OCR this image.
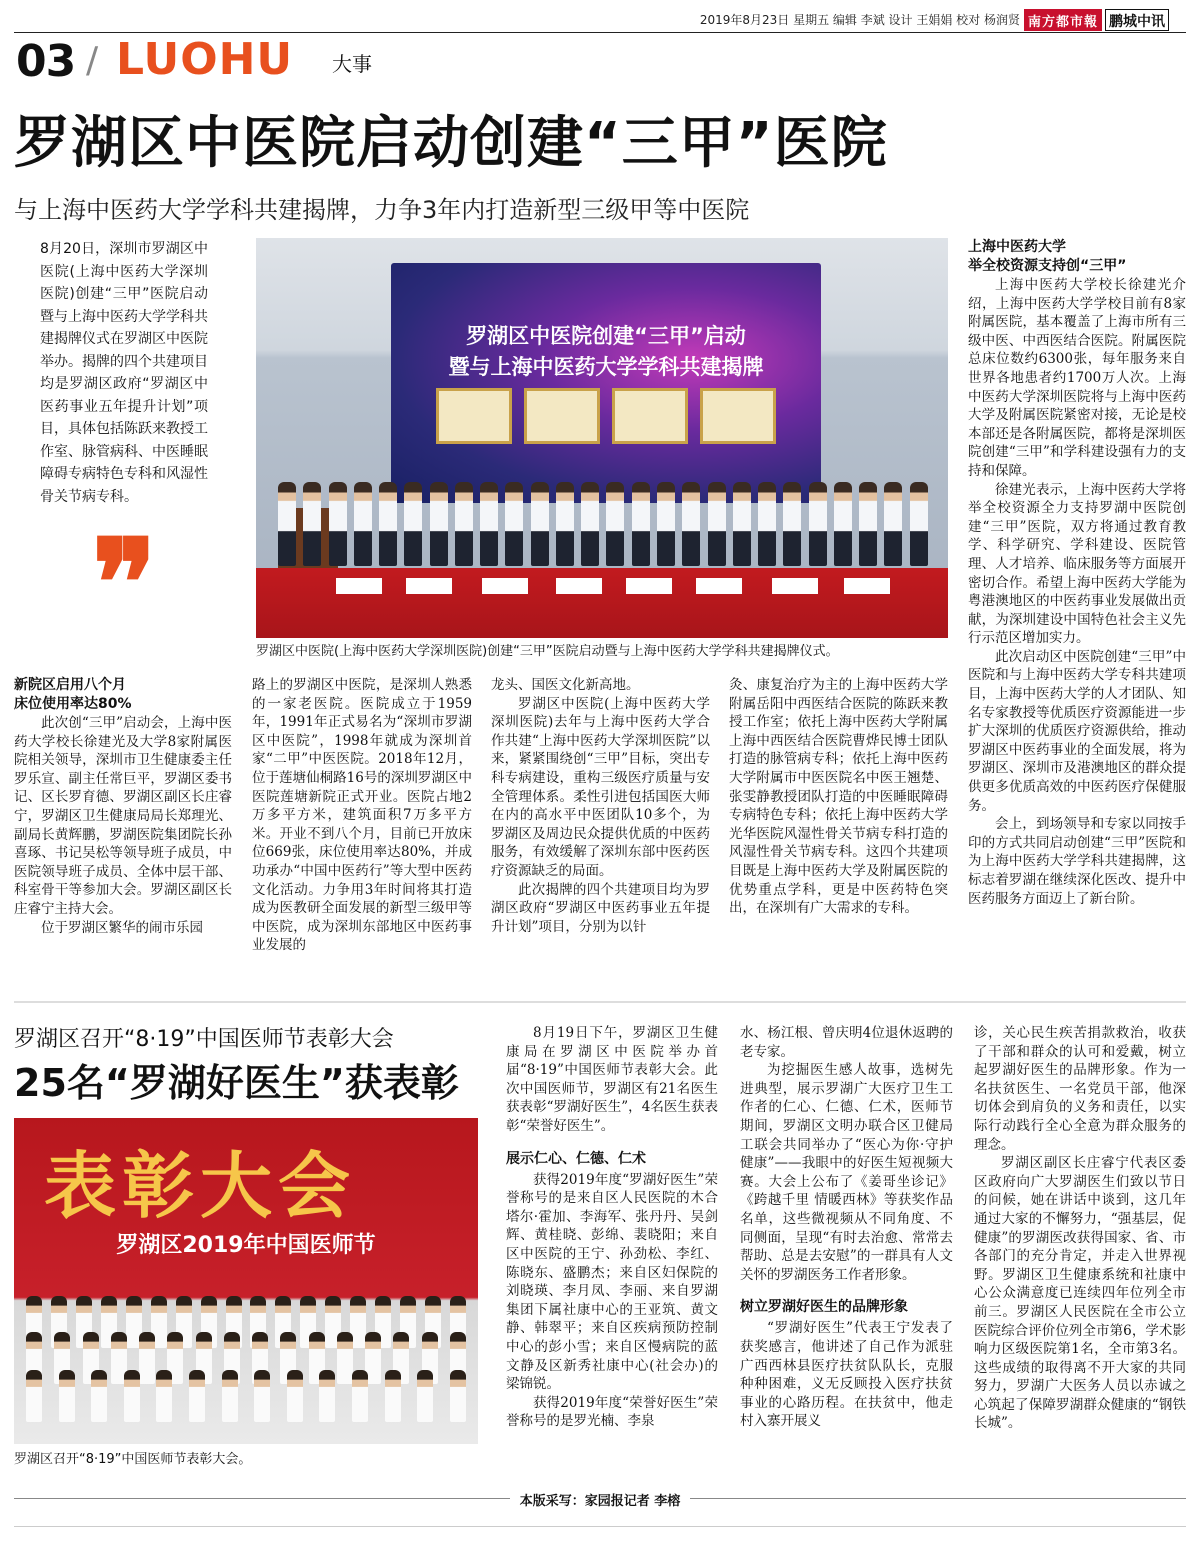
2019年8月23日 星期五 编辑 李斌 设计 王娟娟 校对 杨润贤 南方都市報 鹏城中讯
03 / LUOHU 大事
罗湖区中医院启动创建“三甲”医院
与上海中医药大学学科共建揭牌，力争3年内打造新型三级甲等中医院
8月20日，深圳市罗湖区中医院(上海中医药大学深圳医院)创建“三甲”医院启动暨与上海中医药大学学科共建揭牌仪式在罗湖区中医院举办。揭牌的四个共建项目均是罗湖区政府“罗湖区中医药事业五年提升计划”项目，具体包括陈跃来教授工作室、脉管病科、中医睡眠障碍专病特色专科和风湿性骨关节病专科。
❞
罗湖区中医院创建“三甲”启动
暨与上海中医药大学学科共建揭牌
罗湖区中医院(上海中医药大学深圳医院)创建“三甲”医院启动暨与上海中医药大学学科共建揭牌仪式。
新院区启用八个月
床位使用率达80%

此次创“三甲”启动会，上海中医药大学校长徐建光及大学8家附属医院相关领导，深圳市卫生健康委主任罗乐宣、副主任常巨平，罗湖区委书记、区长罗育德、罗湖区副区长庄睿宁，罗湖区卫生健康局局长郑理光、副局长黄辉鹏，罗湖医院集团院长孙喜琢、书记吴松等领导班子成员，中医院领导班子成员、全体中层干部、科室骨干等参加大会。罗湖区副区长庄睿宁主持大会。

位于罗湖区繁华的闹市乐园

路上的罗湖区中医院，是深圳人熟悉的一家老医院。医院成立于1959年，1991年正式易名为“深圳市罗湖区中医院”，1998年就成为深圳首家“二甲”中医医院。2018年12月，位于莲塘仙桐路16号的深圳罗湖区中医院莲塘新院正式开业。医院占地2万多平方米，建筑面积7万多平方米。开业不到八个月，目前已开放床位669张，床位使用率达80%，并成功承办“中国中医药行”等大型中医药文化活动。力争用3年时间将其打造成为医教研全面发展的新型三级甲等中医院，成为深圳东部地区中医药事业发展的

龙头、国医文化新高地。

罗湖区中医院(上海中医药大学深圳医院)去年与上海中医药大学合作共建“上海中医药大学深圳医院”以来，紧紧围绕创“三甲”目标，突出专科专病建设，重构三级医疗质量与安全管理体系。柔性引进包括国医大师在内的高水平中医团队10多个，为罗湖区及周边民众提供优质的中医药服务，有效缓解了深圳东部中医药医疗资源缺乏的局面。

此次揭牌的四个共建项目均为罗湖区政府“罗湖区中医药事业五年提升计划”项目，分别为以针

灸、康复治疗为主的上海中医药大学附属岳阳中西医结合医院的陈跃来教授工作室；依托上海中医药大学附属上海中西医结合医院曹烨民博士团队打造的脉管病专科；依托上海中医药大学附属市中医医院名中医王翘楚、张雯静教授团队打造的中医睡眠障碍专病特色专科；依托上海中医药大学光华医院风湿性骨关节病专科打造的风湿性骨关节病专科。这四个共建项目既是上海中医药大学及附属医院的优势重点学科，更是中医药特色突出，在深圳有广大需求的专科。

上海中医药大学
举全校资源支持创“三甲”

上海中医药大学校长徐建光介绍，上海中医药大学学校目前有8家附属医院，基本覆盖了上海市所有三级中医、中西医结合医院。附属医院总床位数约6300张，每年服务来自世界各地患者约1700万人次。上海中医药大学深圳医院将与上海中医药大学及附属医院紧密对接，无论是校本部还是各附属医院，都将是深圳医院创建“三甲”和学科建设强有力的支持和保障。

徐建光表示，上海中医药大学将举全校资源全力支持罗湖中医院创建“三甲”医院，双方将通过教育教学、科学研究、学科建设、医院管理、人才培养、临床服务等方面展开密切合作。希望上海中医药大学能为粤港澳地区的中医药事业发展做出贡献，为深圳建设中国特色社会主义先行示范区增加实力。

此次启动区中医院创建“三甲”中医院和与上海中医药大学专科共建项目，上海中医药大学的人才团队、知名专家教授等优质医疗资源能进一步扩大深圳的优质医疗资源供给，推动罗湖区中医药事业的全面发展，将为罗湖区、深圳市及港澳地区的群众提供更多优质高效的中医药医疗保健服务。

会上，到场领导和专家以同按手印的方式共同启动创建“三甲”医院和为上海中医药大学学科共建揭牌，这标志着罗湖在继续深化医改、提升中医药服务方面迈上了新台阶。

罗湖区召开“8·19”中国医师节表彰大会
25名“罗湖好医生”获表彰
表彰大会
罗湖区2019年中国医师节
罗湖区召开“8·19”中国医师节表彰大会。

8月19日下午，罗湖区卫生健康局在罗湖区中医院举办首届“8·19”中国医师节表彰大会。此次中国医师节，罗湖区有21名医生获表彰“罗湖好医生”，4名医生获表彰“荣誉好医生”。

展示仁心、仁德、仁术

获得2019年度“罗湖好医生”荣誉称号的是来自区人民医院的木合塔尔·霍加、李海军、张丹丹、吴剑辉、黄桂晓、彭绵、裴晓阳；来自区中医院的王宁、孙劲松、李红、陈晓东、盛鹏杰；来自区妇保院的刘晓瑛、李月凤、李丽、来自罗湖集团下属社康中心的王亚筑、黄文静、韩翠平；来自区疾病预防控制中心的彭小雪；来自区慢病院的蓝文静及区新秀社康中心(社会办)的梁锦锐。

获得2019年度“荣誉好医生”荣誉称号的是罗光楠、李泉

水、杨江根、曾庆明4位退休返聘的老专家。

为挖掘医生感人故事，选树先进典型，展示罗湖广大医疗卫生工作者的仁心、仁德、仁术，医师节期间，罗湖区文明办联合区卫健局工联会共同举办了“医心为你·守护健康”——我眼中的好医生短视频大赛。大会上公布了《姜哥坐诊记》《跨越千里 情暖西林》等获奖作品名单，这些微视频从不同角度、不同侧面，呈现“有时去治愈、常常去帮助、总是去安慰”的一群具有人文关怀的罗湖医务工作者形象。

树立罗湖好医生的品牌形象

“罗湖好医生”代表王宁发表了获奖感言，他讲述了自己作为派驻广西西林县医疗扶贫队队长，克服种种困难，义无反顾投入医疗扶贫事业的心路历程。在扶贫中，他走村入寨开展义

诊，关心民生疾苦捐款救治，收获了干部和群众的认可和爱戴，树立起罗湖好医生的品牌形象。作为一名扶贫医生、一名党员干部，他深切体会到肩负的义务和责任，以实际行动践行全心全意为群众服务的理念。

罗湖区副区长庄睿宁代表区委区政府向广大罗湖医生们致以节日的问候，她在讲话中谈到，这几年通过大家的不懈努力，“强基层，促健康”的罗湖医改获得国家、省、市各部门的充分肯定，并走入世界视野。罗湖区卫生健康系统和社康中心公众满意度已连续四年位列全市前三。罗湖区人民医院在全市公立医院综合评价位列全市第6，学术影响力区级医院第1名，全市第3名。这些成绩的取得离不开大家的共同努力，罗湖广大医务人员以赤诚之心筑起了保障罗湖群众健康的“钢铁长城”。

本版采写：家园报记者 李榕
